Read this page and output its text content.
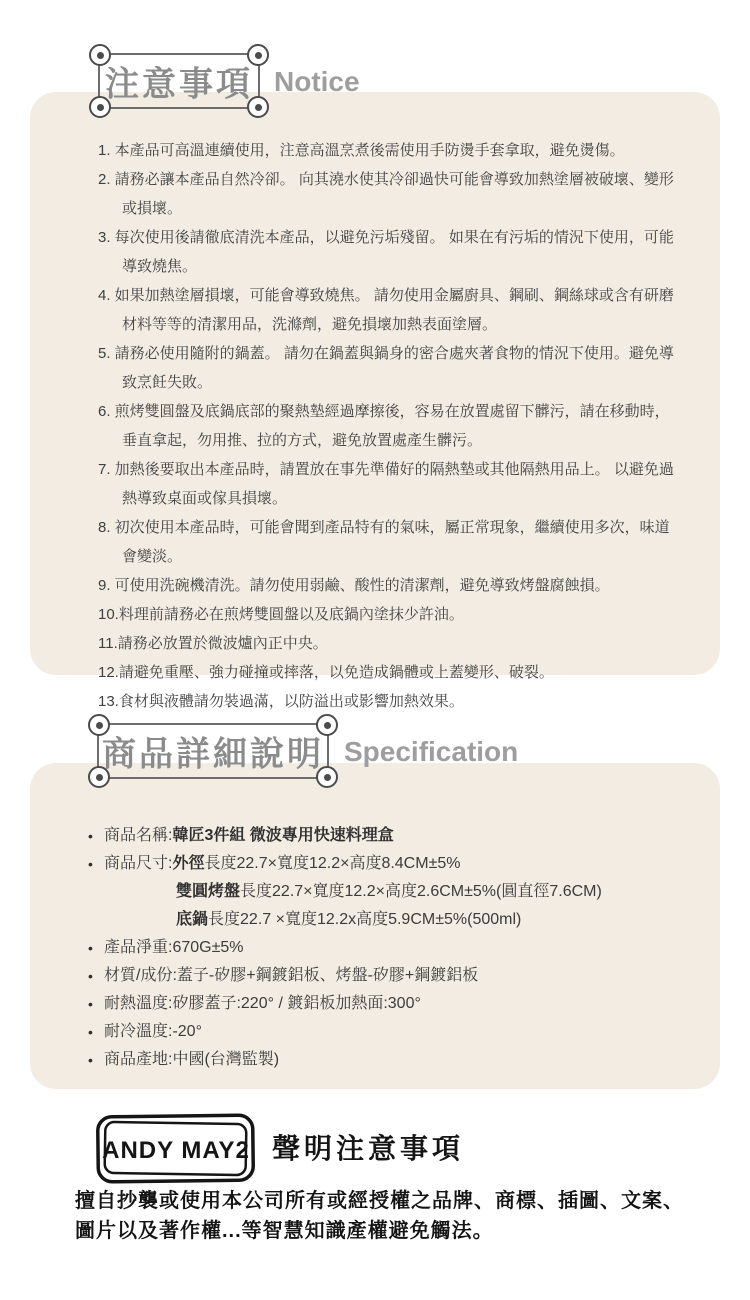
注意事項 Notice
1. 本產品可高溫連續使用，注意高溫烹煮後需使用手防燙手套拿取，避免燙傷。
2. 請務必讓本產品自然冷卻。 向其澆水使其冷卻過快可能會導致加熱塗層被破壞、變形或損壞。
3. 每次使用後請徹底清洗本產品，以避免污垢殘留。 如果在有污垢的情況下使用，可能導致燒焦。
4. 如果加熱塗層損壞，可能會導致燒焦。 請勿使用金屬廚具、鋼刷、鋼絲球或含有研磨材料等等的清潔用品，洗滌劑，避免損壞加熱表面塗層。
5. 請務必使用隨附的鍋蓋。 請勿在鍋蓋與鍋身的密合處夾著食物的情況下使用。避免導致烹飪失敗。
6. 煎烤雙圓盤及底鍋底部的聚熱墊經過摩擦後，容易在放置處留下髒污，請在移動時，垂直拿起，勿用推、拉的方式，避免放置處產生髒污。
7. 加熱後要取出本產品時，請置放在事先準備好的隔熱墊或其他隔熱用品上。 以避免過熱導致桌面或傢具損壞。
8. 初次使用本產品時，可能會聞到產品特有的氣味，屬正常現象，繼續使用多次，味道會變淡。
9. 可使用洗碗機清洗。請勿使用弱鹼、酸性的清潔劑，避免導致烤盤腐蝕損。
10.料理前請務必在煎烤雙圓盤以及底鍋內塗抹少許油。
11.請務必放置於微波爐內正中央。
12.請避免重壓、強力碰撞或摔落，以免造成鍋體或上蓋變形、破裂。
13.食材與液體請勿裝過滿，以防溢出或影響加熱效果。
商品詳細說明 Specification
• 商品名稱:韓匠3件組 微波專用快速料理盒
• 商品尺寸:外徑長度22.7×寬度12.2×高度8.4CM±5%
雙圓烤盤長度22.7×寬度12.2×高度2.6CM±5%(圓直徑7.6CM)
底鍋長度22.7 ×寬度12.2x高度5.9CM±5%(500ml)
• 產品淨重:670G±5%
• 材質/成份:蓋子-矽膠+鋼鍍鋁板、烤盤-矽膠+鋼鍍鋁板
• 耐熱溫度:矽膠蓋子:220° / 鍍鋁板加熱面:300°
• 耐冷溫度:-20°
• 商品產地:中國(台灣監製)
ANDY MAY2 聲明注意事項
擅自抄襲或使用本公司所有或經授權之品牌、商標、插圖、文案、
圖片以及著作權...等智慧知識產權避免觸法。
